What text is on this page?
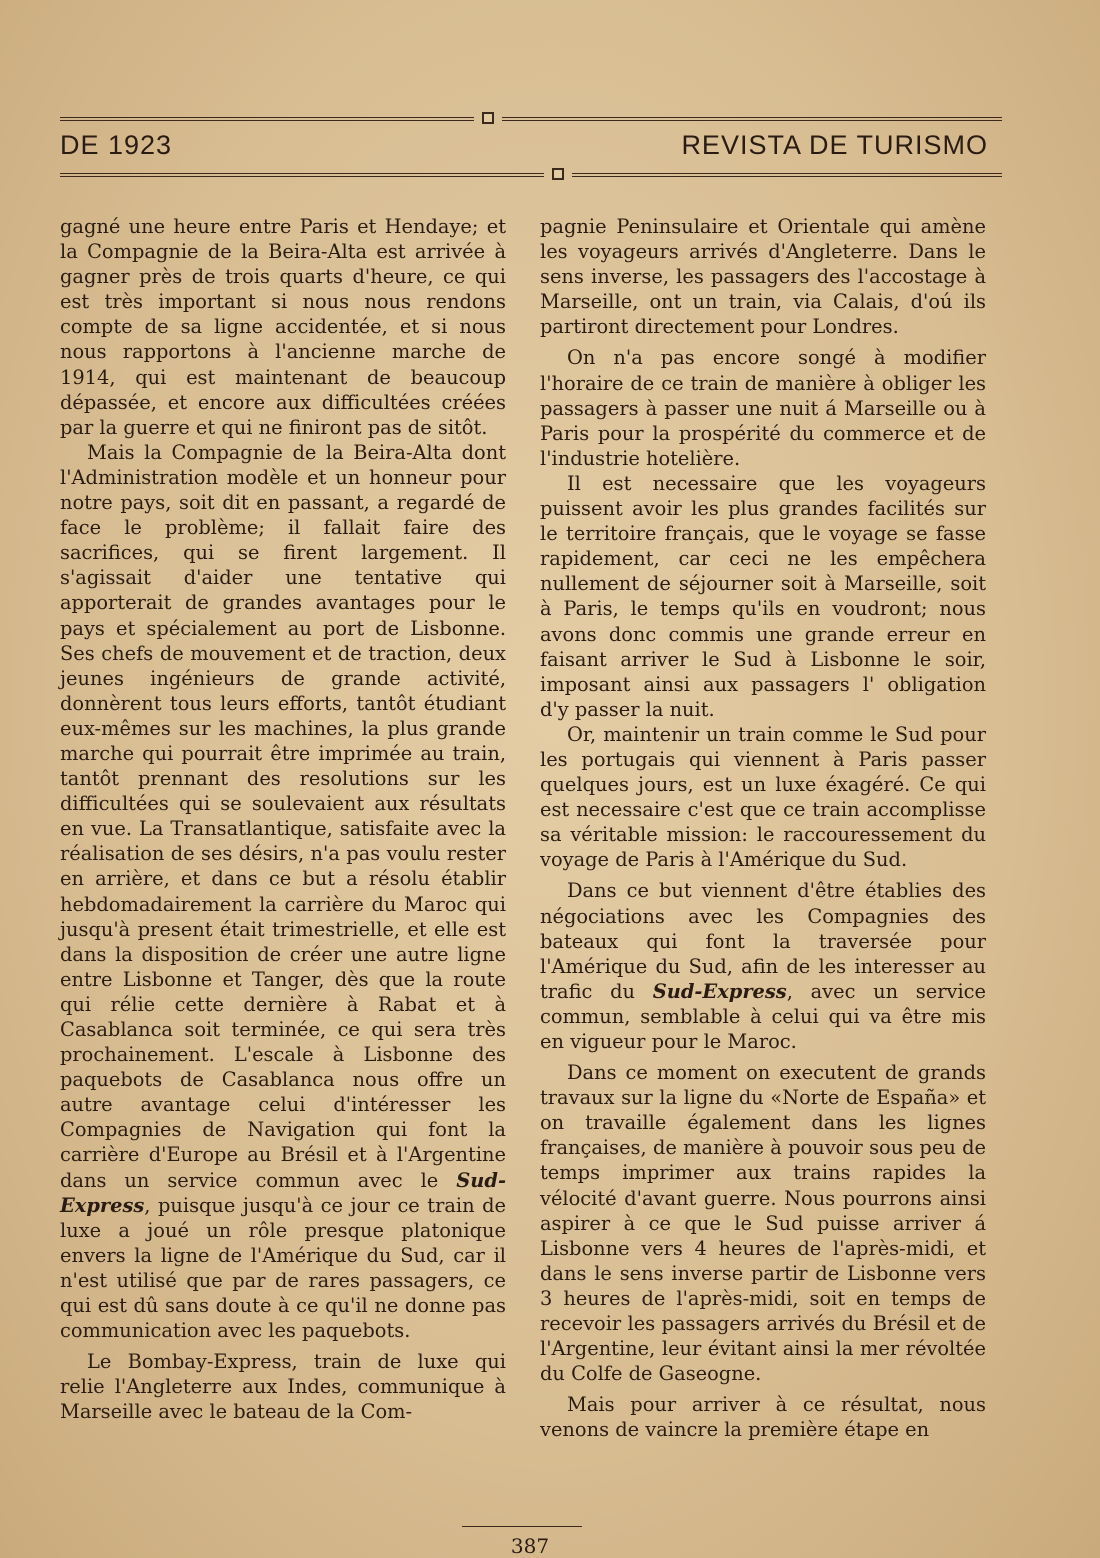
DE 1923	REVISTA DE TURISMO

gagné une heure entre Paris et Hendaye; et la Compagnie de la Beira-Alta est arrivée à gagner près de trois quarts d'heure, ce qui est très important si nous nous rendons compte de sa ligne accidentée, et si nous nous rapportons à l'ancienne marche de 1914, qui est maintenant de beaucoup dépassée, et encore aux difficultées créées par la guerre et qui ne finiront pas de sitôt.

Mais la Compagnie de la Beira-Alta dont l'Administration modèle et un honneur pour notre pays, soit dit en passant, a regardé de face le problème; il fallait faire des sacrifices, qui se firent largement. Il s'agissait d'aider une tentative qui apporterait de grandes avantages pour le pays et spécialement au port de Lisbonne. Ses chefs de mouvement et de traction, deux jeunes ingénieurs de grande activité, donnèrent tous leurs efforts, tantôt étudiant eux-mêmes sur les machines, la plus grande marche qui pourrait être imprimée au train, tantôt prennant des resolutions sur les difficultées qui se soulevaient aux résultats en vue. La Transatlantique, satisfaite avec la réalisation de ses désirs, n'a pas voulu rester en arrière, et dans ce but a résolu établir hebdomadairement la carrière du Maroc qui jusqu'à present était trimestrielle, et elle est dans la disposition de créer une autre ligne entre Lisbonne et Tanger, dès que la route qui rélie cette dernière à Rabat et à Casablanca soit terminée, ce qui sera très prochainement. L'escale à Lisbonne des paquebots de Casablanca nous offre un autre avantage celui d'intéresser les Compagnies de Navigation qui font la carrière d'Europe au Brésil et à l'Argentine dans un service commun avec le Sud-Express, puisque jusqu'à ce jour ce train de luxe a joué un rôle presque platonique envers la ligne de l'Amérique du Sud, car il n'est utilisé que par de rares passagers, ce qui est dû sans doute à ce qu'il ne donne pas communication avec les paquebots.

Le Bombay-Express, train de luxe qui relie l'Angleterre aux Indes, communique à Marseille avec le bateau de la Com-

pagnie Peninsulaire et Orientale qui amène les voyageurs arrivés d'Angleterre. Dans le sens inverse, les passagers des l'accostage à Marseille, ont un train, via Calais, d'oú ils partiront directement pour Londres.

On n'a pas encore songé à modifier l'horaire de ce train de manière à obliger les passagers à passer une nuit á Marseille ou à Paris pour la prospérité du commerce et de l'industrie hotelière.

Il est necessaire que les voyageurs puissent avoir les plus grandes facilités sur le territoire français, que le voyage se fasse rapidement, car ceci ne les empêchera nullement de séjourner soit à Marseille, soit à Paris, le temps qu'ils en voudront; nous avons donc commis une grande erreur en faisant arriver le Sud à Lisbonne le soir, imposant ainsi aux passagers l' obligation d'y passer la nuit.

Or, maintenir un train comme le Sud pour les portugais qui viennent à Paris passer quelques jours, est un luxe éxagéré. Ce qui est necessaire c'est que ce train accomplisse sa véritable mission: le raccouressement du voyage de Paris à l'Amérique du Sud.

Dans ce but viennent d'être établies des négociations avec les Compagnies des bateaux qui font la traversée pour l'Amérique du Sud, afin de les interesser au trafic du Sud-Express, avec un service commun, semblable à celui qui va être mis en vigueur pour le Maroc.

Dans ce moment on executent de grands travaux sur la ligne du «Norte de España» et on travaille également dans les lignes françaises, de manière à pouvoir sous peu de temps imprimer aux trains rapides la vélocité d'avant guerre. Nous pourrons ainsi aspirer à ce que le Sud puisse arriver á Lisbonne vers 4 heures de l'après-midi, et dans le sens inverse partir de Lisbonne vers 3 heures de l'après-midi, soit en temps de recevoir les passagers arrivés du Brésil et de l'Argentine, leur évitant ainsi la mer révoltée du Colfe de Gaseogne.

Mais pour arriver à ce résultat, nous venons de vaincre la première étape en

387
